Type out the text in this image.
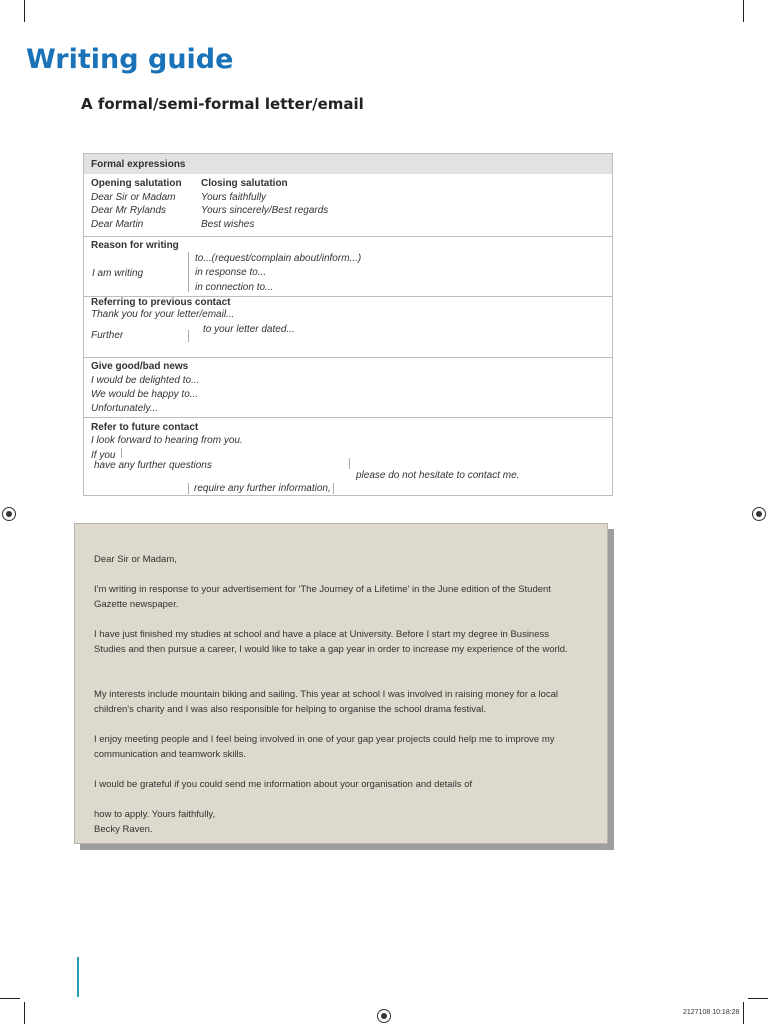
Writing guide
A formal/semi-formal letter/email
Formal expressions
Opening salutation
Dear Sir or Madam
Dear Mr Rylands
Dear Martin
Closing salutation
Yours faithfully
Yours sincerely/Best regards
Best wishes
Reason for writing
I am writing
to...(request/complain about/inform...)
in response to...
in connection to...
Referring to previous contact
Thank you for your letter/email...
Further
to your letter dated...
Give good/bad news
I would be delighted to...
We would be happy to...
Unfortunately...
Refer to future contact
I look forward to hearing from you.
If you
have any further questions
require any further information,
please do not hesitate to contact me.
Dear Sir or Madam,
I'm writing in response to your advertisement for 'The Journey of a Lifetime' in the June edition of the Student Gazette newspaper.
I have just finished my studies at school and have a place at University. Before I start my degree in Business Studies and then pursue a career, I would like to take a gap year in order to increase my experience of the world.
My interests include mountain biking and sailing. This year at school I was involved in raising money for a local children's charity and I was also responsible for helping to organise the school drama festival.
I enjoy meeting people and I feel being involved in one of your gap year projects could help me to improve my communication and teamwork skills.
I would be grateful if you could send me information about your organisation and details of
how to apply. Yours faithfully,
Becky Raven.
2127108 10:18:28
